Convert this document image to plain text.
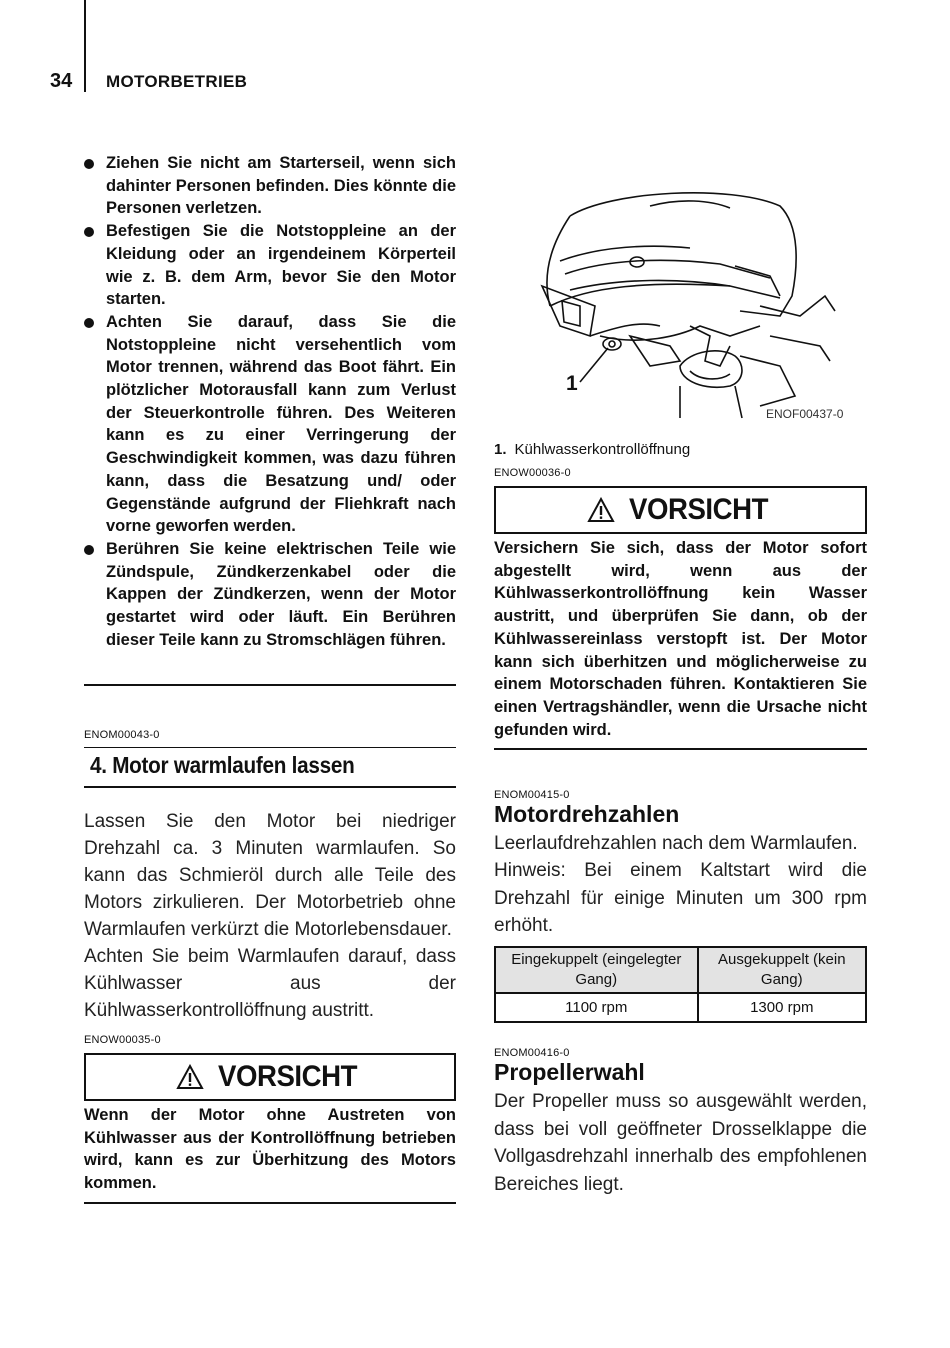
34 MOTORBETRIEB
Ziehen Sie nicht am Starterseil, wenn sich dahinter Personen befinden. Dies könnte die Personen verletzen.
Befestigen Sie die Notstoppleine an der Kleidung oder an irgendeinem Körperteil wie z. B. dem Arm, bevor Sie den Motor starten.
Achten Sie darauf, dass Sie die Notstoppleine nicht versehentlich vom Motor trennen, während das Boot fährt. Ein plötzlicher Motorausfall kann zum Verlust der Steuerkontrolle führen. Des Weiteren kann es zu einer Verringerung der Geschwindigkeit kommen, was dazu führen kann, dass die Besatzung und/ oder Gegenstände aufgrund der Fliehkraft nach vorne geworfen werden.
Berühren Sie keine elektrischen Teile wie Zündspule, Zündkerzenkabel oder die Kappen der Zündkerzen, wenn der Motor gestartet wird oder läuft. Ein Berühren dieser Teile kann zu Stromschlägen führen.
ENOM00043-0
4. Motor warmlaufen lassen
Lassen Sie den Motor bei niedriger Drehzahl ca. 3 Minuten warmlaufen. So kann das Schmieröl durch alle Teile des Motors zirkulieren. Der Motorbetrieb ohne Warmlaufen verkürzt die Motorlebensdauer.
Achten Sie beim Warmlaufen darauf, dass Kühlwasser aus der Kühlwasserkontrollöffnung austritt.
ENOW00035-0
VORSICHT
Wenn der Motor ohne Austreten von Kühlwasser aus der Kontrollöffnung betrieben wird, kann es zur Überhitzung des Motors kommen.
1
ENOF00437-0
1. Kühlwasserkontrollöffnung
ENOW00036-0
VORSICHT
Versichern Sie sich, dass der Motor sofort abgestellt wird, wenn aus der Kühlwasserkontrollöffnung kein Wasser austritt, und überprüfen Sie dann, ob der Kühlwassereinlass verstopft ist. Der Motor kann sich überhitzen und möglicherweise zu einem Motorschaden führen. Kontaktieren Sie einen Vertragshändler, wenn die Ursache nicht gefunden wird.
ENOM00415-0
Motordrehzahlen
Leerlaufdrehzahlen nach dem Warmlaufen.
Hinweis: Bei einem Kaltstart wird die Drehzahl für einige Minuten um 300 rpm erhöht.
Eingekuppelt (eingelegter Gang)	Ausgekuppelt (kein Gang)
1100 rpm	1300 rpm
ENOM00416-0
Propellerwahl
Der Propeller muss so ausgewählt werden, dass bei voll geöffneter Drosselklappe die Vollgasdrehzahl innerhalb des empfohlenen Bereiches liegt.
